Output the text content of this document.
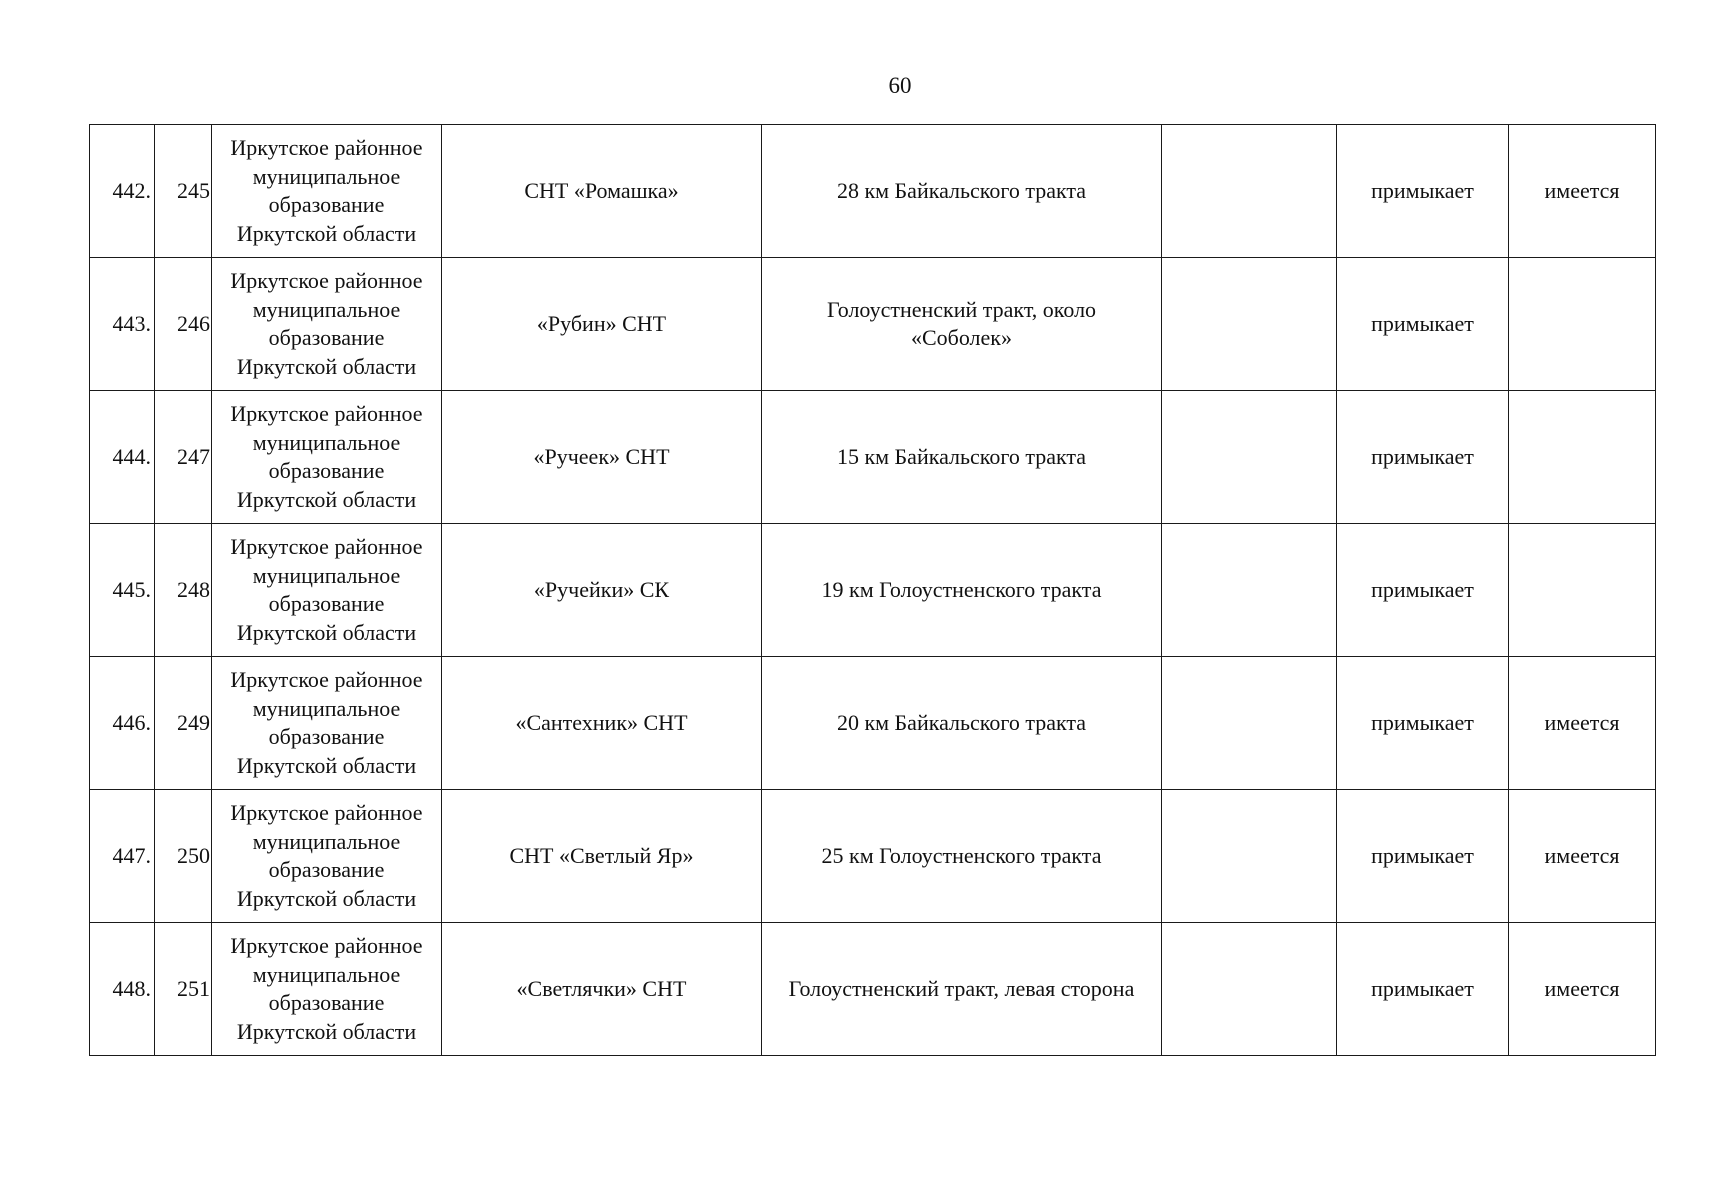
60
442.	245	Иркутское районное
муниципальное
образование
Иркутской области	СНТ «Ромашка»	28 км Байкальского тракта		примыкает	имеется
443.	246	Иркутское районное
муниципальное
образование
Иркутской области	«Рубин» СНТ	Голоустненский тракт, около
«Соболек»		примыкает	
444.	247	Иркутское районное
муниципальное
образование
Иркутской области	«Ручеек» СНТ	15 км Байкальского тракта		примыкает	
445.	248	Иркутское районное
муниципальное
образование
Иркутской области	«Ручейки» СК	19 км Голоустненского тракта		примыкает	
446.	249	Иркутское районное
муниципальное
образование
Иркутской области	«Сантехник» СНТ	20 км Байкальского тракта		примыкает	имеется
447.	250	Иркутское районное
муниципальное
образование
Иркутской области	СНТ «Светлый Яр»	25 км Голоустненского тракта		примыкает	имеется
448.	251	Иркутское районное
муниципальное
образование
Иркутской области	«Светлячки» СНТ	Голоустненский тракт, левая сторона		примыкает	имеется
